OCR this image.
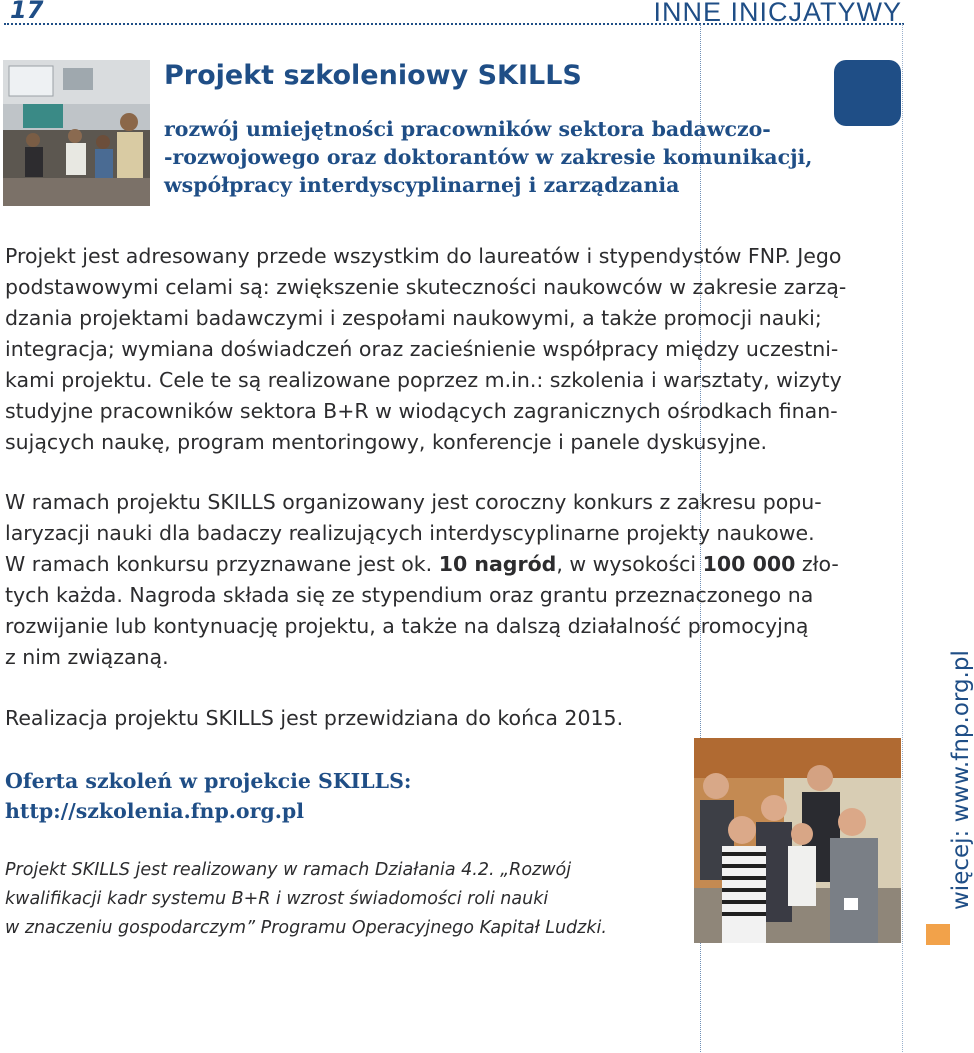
17	INNE INICJATYWY
Projekt szkoleniowy SKILLS
rozwój umiejętności pracowników sektora badawczo-
-rozwojowego oraz doktorantów w zakresie komunikacji,
współpracy interdyscyplinarnej i zarządzania
Projekt jest adresowany przede wszystkim do laureatów i stypendystów FNP. Jego
podstawowymi celami są: zwiększenie skuteczności naukowców w zakresie zarzą-
dzania projektami badawczymi i zespołami naukowymi, a także promocji nauki;
integracja; wymiana doświadczeń oraz zacieśnienie współpracy między uczestni-
kami projektu. Cele te są realizowane poprzez m.in.: szkolenia i warsztaty, wizyty
studyjne pracowników sektora B+R w wiodących zagranicznych ośrodkach finan-
sujących naukę, program mentoringowy, konferencje i panele dyskusyjne.
W ramach projektu SKILLS organizowany jest coroczny konkurs z zakresu popu-
laryzacji nauki dla badaczy realizujących interdyscyplinarne projekty naukowe.
W ramach konkursu przyznawane jest ok. 10 nagród, w wysokości 100 000 zło-
tych każda. Nagroda składa się ze stypendium oraz grantu przeznaczonego na
rozwijanie lub kontynuację projektu, a także na dalszą działalność promocyjną
z nim związaną.
Realizacja projektu SKILLS jest przewidziana do końca 2015.
Oferta szkoleń w projekcie SKILLS:
http://szkolenia.fnp.org.pl
Projekt SKILLS jest realizowany w ramach Działania 4.2. „Rozwój
kwalifikacji kadr systemu B+R i wzrost świadomości roli nauki
w znaczeniu gospodarczym” Programu Operacyjnego Kapitał Ludzki.
więcej: www.fnp.org.pl
